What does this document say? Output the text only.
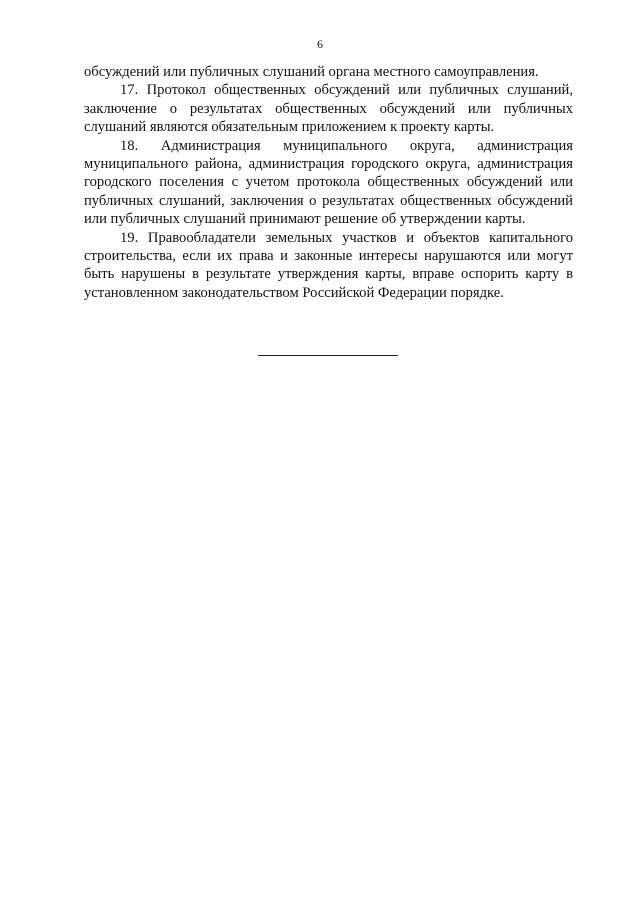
6

обсуждений или публичных слушаний органа местного самоуправления.

17. Протокол общественных обсуждений или публичных слушаний, заключение о результатах общественных обсуждений или публичных слушаний являются обязательным приложением к проекту карты.

18. Администрация муниципального округа, администрация муниципального района, администрация городского округа, администрация городского поселения с учетом протокола общественных обсуждений или публичных слушаний, заключения о результатах общественных обсуждений или публичных слушаний принимают решение об утверждении карты.

19. Правообладатели земельных участков и объектов капитального строительства, если их права и законные интересы нарушаются или могут быть нарушены в результате утверждения карты, вправе оспорить карту в установленном законодательством Российской Федерации порядке.
